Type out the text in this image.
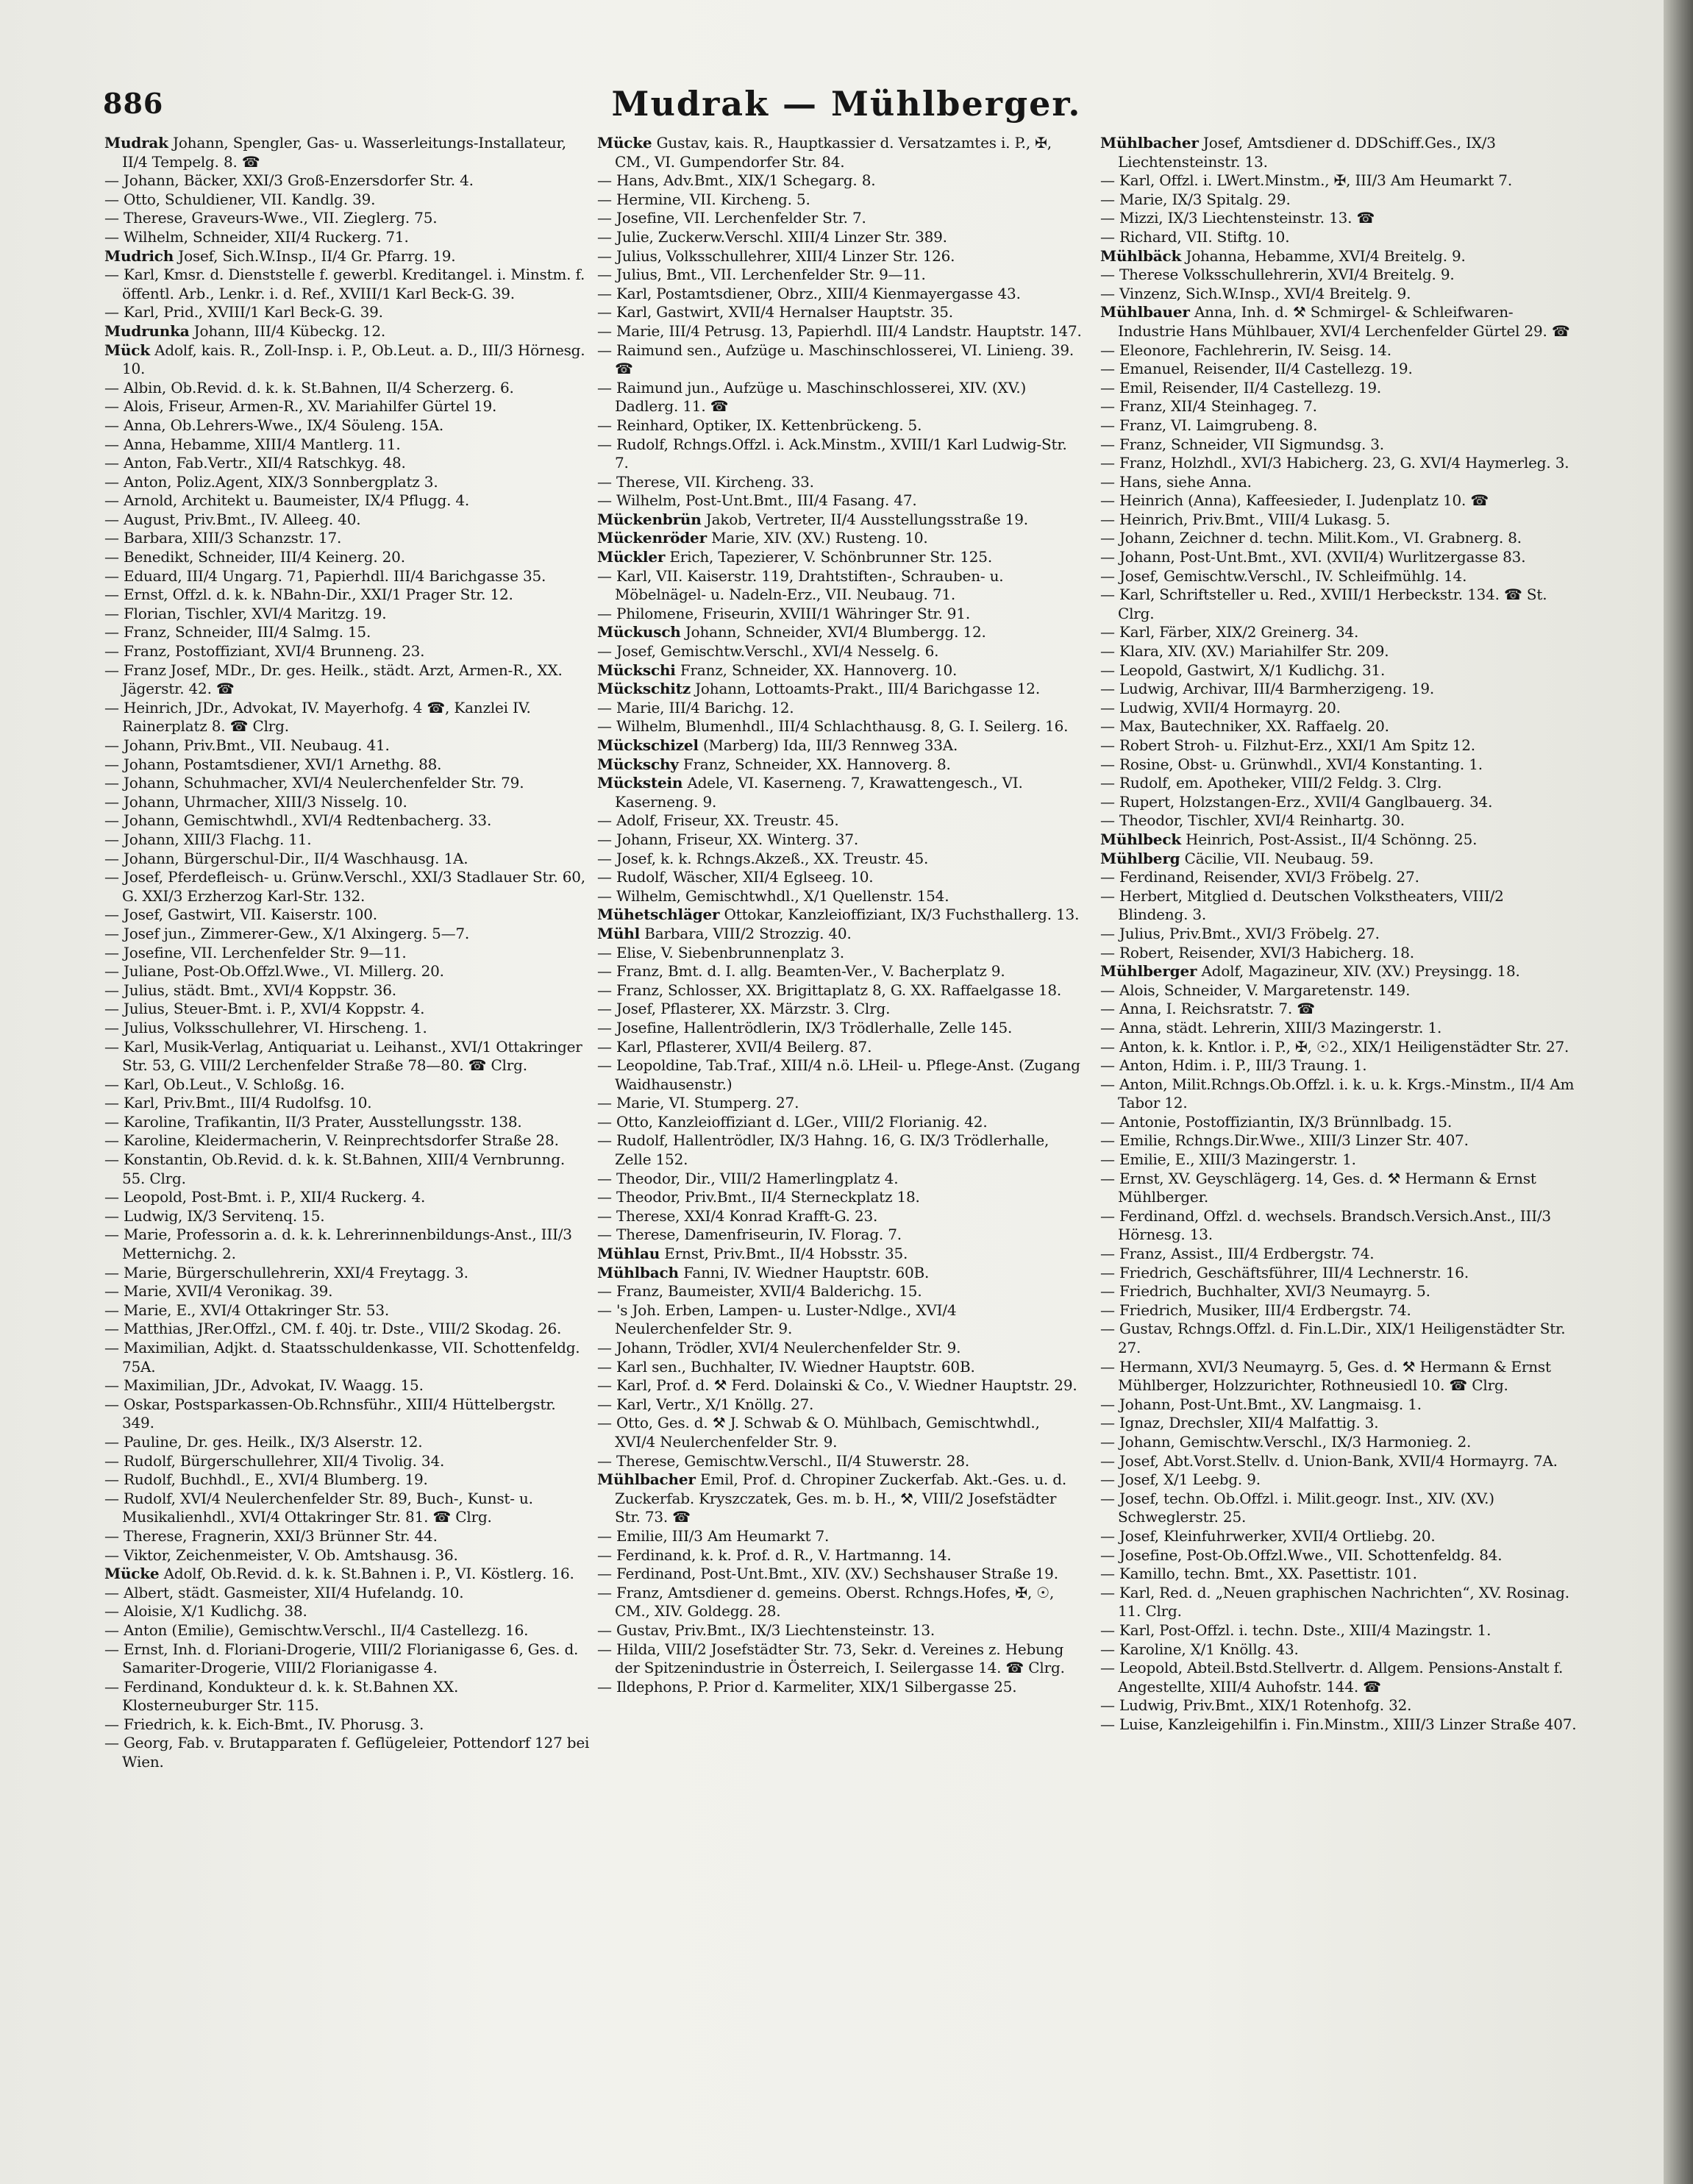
886	Mudrak — Mühlberger.

Mudrak Johann, Spengler, Gas- u. Wasserleitungs-Installateur, II/4 Tempelg. 8. ☎

— Johann, Bäcker, XXI/3 Groß-Enzersdorfer Str. 4.

— Otto, Schuldiener, VII. Kandlg. 39.

— Therese, Graveurs-Wwe., VII. Zieglerg. 75.

— Wilhelm, Schneider, XII/4 Ruckerg. 71.

Mudrich Josef, Sich.W.Insp., II/4 Gr. Pfarrg. 19.

— Karl, Kmsr. d. Dienststelle f. gewerbl. Kreditangel. i. Minstm. f. öffentl. Arb., Lenkr. i. d. Ref., XVIII/1 Karl Beck-G. 39.

— Karl, Prid., XVIII/1 Karl Beck-G. 39.

Mudrunka Johann, III/4 Kübeckg. 12.

Mück Adolf, kais. R., Zoll-Insp. i. P., Ob.Leut. a. D., III/3 Hörnesg. 10.

— Albin, Ob.Revid. d. k. k. St.Bahnen, II/4 Scherzerg. 6.

— Alois, Friseur, Armen-R., XV. Mariahilfer Gürtel 19.

— Anna, Ob.Lehrers-Wwe., IX/4 Söuleng. 15A.

— Anna, Hebamme, XIII/4 Mantlerg. 11.

— Anton, Fab.Vertr., XII/4 Ratschkyg. 48.

— Anton, Poliz.Agent, XIX/3 Sonnbergplatz 3.

— Arnold, Architekt u. Baumeister, IX/4 Pflugg. 4.

— August, Priv.Bmt., IV. Alleeg. 40.

— Barbara, XIII/3 Schanzstr. 17.

— Benedikt, Schneider, III/4 Keinerg. 20.

— Eduard, III/4 Ungarg. 71, Papierhdl. III/4 Barichgasse 35.

— Ernst, Offzl. d. k. k. NBahn-Dir., XXI/1 Prager Str. 12.

— Florian, Tischler, XVI/4 Maritzg. 19.

— Franz, Schneider, III/4 Salmg. 15.

— Franz, Postoffiziant, XVI/4 Brunneng. 23.

— Franz Josef, MDr., Dr. ges. Heilk., städt. Arzt, Armen-R., XX. Jägerstr. 42. ☎

— Heinrich, JDr., Advokat, IV. Mayerhofg. 4 ☎, Kanzlei IV. Rainerplatz 8. ☎ Clrg.

— Johann, Priv.Bmt., VII. Neubaug. 41.

— Johann, Postamtsdiener, XVI/1 Arnethg. 88.

— Johann, Schuhmacher, XVI/4 Neulerchenfelder Str. 79.

— Johann, Uhrmacher, XIII/3 Nisselg. 10.

— Johann, Gemischtwhdl., XVI/4 Redtenbacherg. 33.

— Johann, XIII/3 Flachg. 11.

— Johann, Bürgerschul-Dir., II/4 Waschhausg. 1A.

— Josef, Pferdefleisch- u. Grünw.Verschl., XXI/3 Stadlauer Str. 60, G. XXI/3 Erzherzog Karl-Str. 132.

— Josef, Gastwirt, VII. Kaiserstr. 100.

— Josef jun., Zimmerer-Gew., X/1 Alxingerg. 5—7.

— Josefine, VII. Lerchenfelder Str. 9—11.

— Juliane, Post-Ob.Offzl.Wwe., VI. Millerg. 20.

— Julius, städt. Bmt., XVI/4 Koppstr. 36.

— Julius, Steuer-Bmt. i. P., XVI/4 Koppstr. 4.

— Julius, Volksschullehrer, VI. Hirscheng. 1.

— Karl, Musik-Verlag, Antiquariat u. Leihanst., XVI/1 Ottakringer Str. 53, G. VIII/2 Lerchenfelder Straße 78—80. ☎ Clrg.

— Karl, Ob.Leut., V. Schloßg. 16.

— Karl, Priv.Bmt., III/4 Rudolfsg. 10.

— Karoline, Trafikantin, II/3 Prater, Ausstellungsstr. 138.

— Karoline, Kleidermacherin, V. Reinprechtsdorfer Straße 28.

— Konstantin, Ob.Revid. d. k. k. St.Bahnen, XIII/4 Vernbrunng. 55. Clrg.

— Leopold, Post-Bmt. i. P., XII/4 Ruckerg. 4.

— Ludwig, IX/3 Servitenq. 15.

— Marie, Professorin a. d. k. k. Lehrerinnenbildungs-Anst., III/3 Metternichg. 2.

— Marie, Bürgerschullehrerin, XXI/4 Freytagg. 3.

— Marie, XVII/4 Veronikag. 39.

— Marie, E., XVI/4 Ottakringer Str. 53.

— Matthias, JRer.Offzl., CM. f. 40j. tr. Dste., VIII/2 Skodag. 26.

— Maximilian, Adjkt. d. Staatsschuldenkasse, VII. Schottenfeldg. 75A.

— Maximilian, JDr., Advokat, IV. Waagg. 15.

— Oskar, Postsparkassen-Ob.Rchnsführ., XIII/4 Hüttelbergstr. 349.

— Pauline, Dr. ges. Heilk., IX/3 Alserstr. 12.

— Rudolf, Bürgerschullehrer, XII/4 Tivolig. 34.

— Rudolf, Buchhdl., E., XVI/4 Blumberg. 19.

— Rudolf, XVI/4 Neulerchenfelder Str. 89, Buch-, Kunst- u. Musikalienhdl., XVI/4 Ottakringer Str. 81. ☎ Clrg.

— Therese, Fragnerin, XXI/3 Brünner Str. 44.

— Viktor, Zeichenmeister, V. Ob. Amtshausg. 36.

Mücke Adolf, Ob.Revid. d. k. k. St.Bahnen i. P., VI. Köstlerg. 16.

— Albert, städt. Gasmeister, XII/4 Hufelandg. 10.

— Aloisie, X/1 Kudlichg. 38.

— Anton (Emilie), Gemischtw.Verschl., II/4 Castellezg. 16.

— Ernst, Inh. d. Floriani-Drogerie, VIII/2 Florianigasse 6, Ges. d. Samariter-Drogerie, VIII/2 Florianigasse 4.

— Ferdinand, Kondukteur d. k. k. St.Bahnen XX. Klosterneuburger Str. 115.

— Friedrich, k. k. Eich-Bmt., IV. Phorusg. 3.

— Georg, Fab. v. Brutapparaten f. Geflügeleier, Pottendorf 127 bei Wien.

Mücke Gustav, kais. R., Hauptkassier d. Versatzamtes i. P., ✠, CM., VI. Gumpendorfer Str. 84.

— Hans, Adv.Bmt., XIX/1 Schegarg. 8.

— Hermine, VII. Kircheng. 5.

— Josefine, VII. Lerchenfelder Str. 7.

— Julie, Zuckerw.Verschl. XIII/4 Linzer Str. 389.

— Julius, Volksschullehrer, XIII/4 Linzer Str. 126.

— Julius, Bmt., VII. Lerchenfelder Str. 9—11.

— Karl, Postamtsdiener, Obrz., XIII/4 Kienmayergasse 43.

— Karl, Gastwirt, XVII/4 Hernalser Hauptstr. 35.

— Marie, III/4 Petrusg. 13, Papierhdl. III/4 Landstr. Hauptstr. 147.

— Raimund sen., Aufzüge u. Maschinschlosserei, VI. Linieng. 39. ☎

— Raimund jun., Aufzüge u. Maschinschlosserei, XIV. (XV.) Dadlerg. 11. ☎

— Reinhard, Optiker, IX. Kettenbrückeng. 5.

— Rudolf, Rchngs.Offzl. i. Ack.Minstm., XVIII/1 Karl Ludwig-Str. 7.

— Therese, VII. Kircheng. 33.

— Wilhelm, Post-Unt.Bmt., III/4 Fasang. 47.

Mückenbrün Jakob, Vertreter, II/4 Ausstellungsstraße 19.

Mückenröder Marie, XIV. (XV.) Rusteng. 10.

Mückler Erich, Tapezierer, V. Schönbrunner Str. 125.

— Karl, VII. Kaiserstr. 119, Drahtstiften-, Schrauben- u. Möbelnägel- u. Nadeln-Erz., VII. Neubaug. 71.

— Philomene, Friseurin, XVIII/1 Währinger Str. 91.

Mückusch Johann, Schneider, XVI/4 Blumbergg. 12.

— Josef, Gemischtw.Verschl., XVI/4 Nesselg. 6.

Mückschi Franz, Schneider, XX. Hannoverg. 10.

Mückschitz Johann, Lottoamts-Prakt., III/4 Barichgasse 12.

— Marie, III/4 Barichg. 12.

— Wilhelm, Blumenhdl., III/4 Schlachthausg. 8, G. I. Seilerg. 16.

Mückschizel (Marberg) Ida, III/3 Rennweg 33A.

Mückschy Franz, Schneider, XX. Hannoverg. 8.

Mückstein Adele, VI. Kaserneng. 7, Krawattengesch., VI. Kaserneng. 9.

— Adolf, Friseur, XX. Treustr. 45.

— Johann, Friseur, XX. Winterg. 37.

— Josef, k. k. Rchngs.Akzeß., XX. Treustr. 45.

— Rudolf, Wäscher, XII/4 Eglseeg. 10.

— Wilhelm, Gemischtwhdl., X/1 Quellenstr. 154.

Mühetschläger Ottokar, Kanzleioffiziant, IX/3 Fuchsthallerg. 13.

Mühl Barbara, VIII/2 Strozzig. 40.

— Elise, V. Siebenbrunnenplatz 3.

— Franz, Bmt. d. I. allg. Beamten-Ver., V. Bacherplatz 9.

— Franz, Schlosser, XX. Brigittaplatz 8, G. XX. Raffaelgasse 18.

— Josef, Pflasterer, XX. Märzstr. 3. Clrg.

— Josefine, Hallentrödlerin, IX/3 Trödlerhalle, Zelle 145.

— Karl, Pflasterer, XVII/4 Beilerg. 87.

— Leopoldine, Tab.Traf., XIII/4 n.ö. LHeil- u. Pflege-Anst. (Zugang Waidhausenstr.)

— Marie, VI. Stumperg. 27.

— Otto, Kanzleioffiziant d. LGer., VIII/2 Florianig. 42.

— Rudolf, Hallentrödler, IX/3 Hahng. 16, G. IX/3 Trödlerhalle, Zelle 152.

— Theodor, Dir., VIII/2 Hamerlingplatz 4.

— Theodor, Priv.Bmt., II/4 Sterneckplatz 18.

— Therese, XXI/4 Konrad Krafft-G. 23.

— Therese, Damenfriseurin, IV. Florag. 7.

Mühlau Ernst, Priv.Bmt., II/4 Hobsstr. 35.

Mühlbach Fanni, IV. Wiedner Hauptstr. 60B.

— Franz, Baumeister, XVII/4 Balderichg. 15.

— 's Joh. Erben, Lampen- u. Luster-Ndlge., XVI/4 Neulerchenfelder Str. 9.

— Johann, Trödler, XVI/4 Neulerchenfelder Str. 9.

— Karl sen., Buchhalter, IV. Wiedner Hauptstr. 60B.

— Karl, Prof. d. ⚒ Ferd. Dolainski & Co., V. Wiedner Hauptstr. 29.

— Karl, Vertr., X/1 Knöllg. 27.

— Otto, Ges. d. ⚒ J. Schwab & O. Mühlbach, Gemischtwhdl., XVI/4 Neulerchenfelder Str. 9.

— Therese, Gemischtw.Verschl., II/4 Stuwerstr. 28.

Mühlbacher Emil, Prof. d. Chropiner Zuckerfab. Akt.-Ges. u. d. Zuckerfab. Kryszczatek, Ges. m. b. H., ⚒, VIII/2 Josefstädter Str. 73. ☎

— Emilie, III/3 Am Heumarkt 7.

— Ferdinand, k. k. Prof. d. R., V. Hartmanng. 14.

— Ferdinand, Post-Unt.Bmt., XIV. (XV.) Sechshauser Straße 19.

— Franz, Amtsdiener d. gemeins. Oberst. Rchngs.Hofes, ✠, ☉, CM., XIV. Goldegg. 28.

— Gustav, Priv.Bmt., IX/3 Liechtensteinstr. 13.

— Hilda, VIII/2 Josefstädter Str. 73, Sekr. d. Vereines z. Hebung der Spitzenindustrie in Österreich, I. Seilergasse 14. ☎ Clrg.

— Ildephons, P. Prior d. Karmeliter, XIX/1 Silbergasse 25.

Mühlbacher Josef, Amtsdiener d. DDSchiff.Ges., IX/3 Liechtensteinstr. 13.

— Karl, Offzl. i. LWert.Minstm., ✠, III/3 Am Heumarkt 7.

— Marie, IX/3 Spitalg. 29.

— Mizzi, IX/3 Liechtensteinstr. 13. ☎

— Richard, VII. Stiftg. 10.

Mühlbäck Johanna, Hebamme, XVI/4 Breitelg. 9.

— Therese Volksschullehrerin, XVI/4 Breitelg. 9.

— Vinzenz, Sich.W.Insp., XVI/4 Breitelg. 9.

Mühlbauer Anna, Inh. d. ⚒ Schmirgel- & Schleifwaren-Industrie Hans Mühlbauer, XVI/4 Lerchenfelder Gürtel 29. ☎

— Eleonore, Fachlehrerin, IV. Seisg. 14.

— Emanuel, Reisender, II/4 Castellezg. 19.

— Emil, Reisender, II/4 Castellezg. 19.

— Franz, XII/4 Steinhageg. 7.

— Franz, VI. Laimgrubeng. 8.

— Franz, Schneider, VII Sigmundsg. 3.

— Franz, Holzhdl., XVI/3 Habicherg. 23, G. XVI/4 Haymerleg. 3.

— Hans, siehe Anna.

— Heinrich (Anna), Kaffeesieder, I. Judenplatz 10. ☎

— Heinrich, Priv.Bmt., VIII/4 Lukasg. 5.

— Johann, Zeichner d. techn. Milit.Kom., VI. Grabnerg. 8.

— Johann, Post-Unt.Bmt., XVI. (XVII/4) Wurlitzergasse 83.

— Josef, Gemischtw.Verschl., IV. Schleifmühlg. 14.

— Karl, Schriftsteller u. Red., XVIII/1 Herbeckstr. 134. ☎ St. Clrg.

— Karl, Färber, XIX/2 Greinerg. 34.

— Klara, XIV. (XV.) Mariahilfer Str. 209.

— Leopold, Gastwirt, X/1 Kudlichg. 31.

— Ludwig, Archivar, III/4 Barmherzigeng. 19.

— Ludwig, XVII/4 Hormayrg. 20.

— Max, Bautechniker, XX. Raffaelg. 20.

— Robert Stroh- u. Filzhut-Erz., XXI/1 Am Spitz 12.

— Rosine, Obst- u. Grünwhdl., XVI/4 Konstanting. 1.

— Rudolf, em. Apotheker, VIII/2 Feldg. 3. Clrg.

— Rupert, Holzstangen-Erz., XVII/4 Ganglbauerg. 34.

— Theodor, Tischler, XVI/4 Reinhartg. 30.

Mühlbeck Heinrich, Post-Assist., II/4 Schönng. 25.

Mühlberg Cäcilie, VII. Neubaug. 59.

— Ferdinand, Reisender, XVI/3 Fröbelg. 27.

— Herbert, Mitglied d. Deutschen Volkstheaters, VIII/2 Blindeng. 3.

— Julius, Priv.Bmt., XVI/3 Fröbelg. 27.

— Robert, Reisender, XVI/3 Habicherg. 18.

Mühlberger Adolf, Magazineur, XIV. (XV.) Preysingg. 18.

— Alois, Schneider, V. Margaretenstr. 149.

— Anna, I. Reichsratstr. 7. ☎

— Anna, städt. Lehrerin, XIII/3 Mazingerstr. 1.

— Anton, k. k. Kntlor. i. P., ✠, ☉2., XIX/1 Heiligenstädter Str. 27.

— Anton, Hdim. i. P., III/3 Traung. 1.

— Anton, Milit.Rchngs.Ob.Offzl. i. k. u. k. Krgs.-Minstm., II/4 Am Tabor 12.

— Antonie, Postoffiziantin, IX/3 Brünnlbadg. 15.

— Emilie, Rchngs.Dir.Wwe., XIII/3 Linzer Str. 407.

— Emilie, E., XIII/3 Mazingerstr. 1.

— Ernst, XV. Geyschlägerg. 14, Ges. d. ⚒ Hermann & Ernst Mühlberger.

— Ferdinand, Offzl. d. wechsels. Brandsch.Versich.Anst., III/3 Hörnesg. 13.

— Franz, Assist., III/4 Erdbergstr. 74.

— Friedrich, Geschäftsführer, III/4 Lechnerstr. 16.

— Friedrich, Buchhalter, XVI/3 Neumayrg. 5.

— Friedrich, Musiker, III/4 Erdbergstr. 74.

— Gustav, Rchngs.Offzl. d. Fin.L.Dir., XIX/1 Heiligenstädter Str. 27.

— Hermann, XVI/3 Neumayrg. 5, Ges. d. ⚒ Hermann & Ernst Mühlberger, Holzzurichter, Rothneusiedl 10. ☎ Clrg.

— Johann, Post-Unt.Bmt., XV. Langmaisg. 1.

— Ignaz, Drechsler, XII/4 Malfattig. 3.

— Johann, Gemischtw.Verschl., IX/3 Harmonieg. 2.

— Josef, Abt.Vorst.Stellv. d. Union-Bank, XVII/4 Hormayrg. 7A.

— Josef, X/1 Leebg. 9.

— Josef, techn. Ob.Offzl. i. Milit.geogr. Inst., XIV. (XV.) Schweglerstr. 25.

— Josef, Kleinfuhrwerker, XVII/4 Ortliebg. 20.

— Josefine, Post-Ob.Offzl.Wwe., VII. Schottenfeldg. 84.

— Kamillo, techn. Bmt., XX. Pasettistr. 101.

— Karl, Red. d. „Neuen graphischen Nachrichten“, XV. Rosinag. 11. Clrg.

— Karl, Post-Offzl. i. techn. Dste., XIII/4 Mazingstr. 1.

— Karoline, X/1 Knöllg. 43.

— Leopold, Abteil.Bstd.Stellvertr. d. Allgem. Pensions-Anstalt f. Angestellte, XIII/4 Auhofstr. 144. ☎

— Ludwig, Priv.Bmt., XIX/1 Rotenhofg. 32.

— Luise, Kanzleigehilfin i. Fin.Minstm., XIII/3 Linzer Straße 407.
